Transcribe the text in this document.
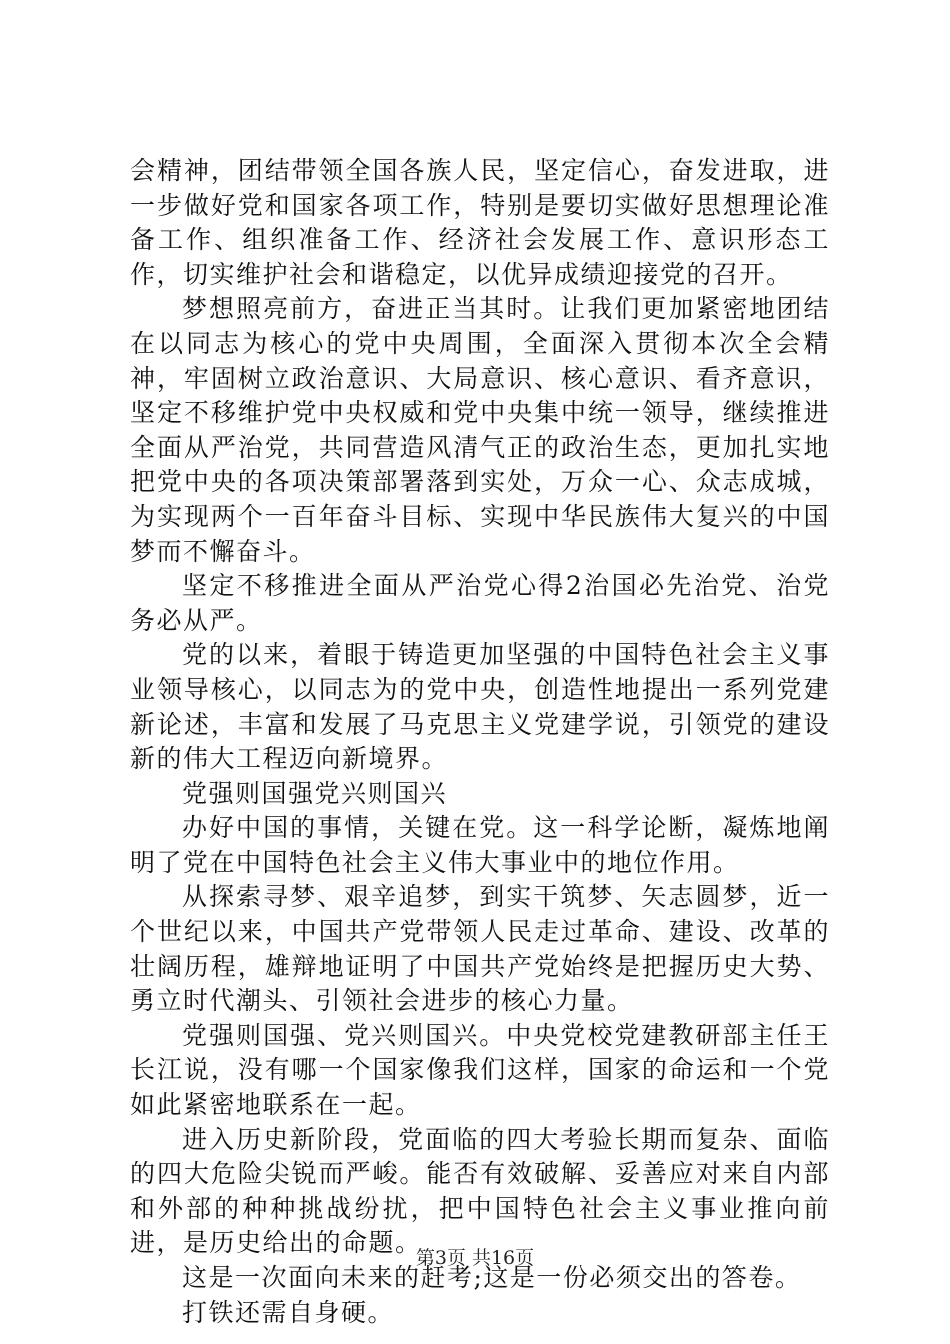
会精神，团结带领全国各族人民，坚定信心，奋发进取，进一步做好党和国家各项工作，特别是要切实做好思想理论准备工作、组织准备工作、经济社会发展工作、意识形态工作，切实维护社会和谐稳定，以优异成绩迎接党的召开。

梦想照亮前方，奋进正当其时。让我们更加紧密地团结在以同志为核心的党中央周围，全面深入贯彻本次全会精神，牢固树立政治意识、大局意识、核心意识、看齐意识，坚定不移维护党中央权威和党中央集中统一领导，继续推进全面从严治党，共同营造风清气正的政治生态，更加扎实地把党中央的各项决策部署落到实处，万众一心、众志成城，为实现两个一百年奋斗目标、实现中华民族伟大复兴的中国梦而不懈奋斗。

坚定不移推进全面从严治党心得2治国必先治党、治党务必从严。

党的以来，着眼于铸造更加坚强的中国特色社会主义事业领导核心，以同志为的党中央，创造性地提出一系列党建新论述，丰富和发展了马克思主义党建学说，引领党的建设新的伟大工程迈向新境界。

党强则国强党兴则国兴

办好中国的事情，关键在党。这一科学论断，凝炼地阐明了党在中国特色社会主义伟大事业中的地位作用。

从探索寻梦、艰辛追梦，到实干筑梦、矢志圆梦，近一个世纪以来，中国共产党带领人民走过革命、建设、改革的壮阔历程，雄辩地证明了中国共产党始终是把握历史大势、勇立时代潮头、引领社会进步的核心力量。

党强则国强、党兴则国兴。中央党校党建教研部主任王长江说，没有哪一个国家像我们这样，国家的命运和一个党如此紧密地联系在一起。

进入历史新阶段，党面临的四大考验长期而复杂、面临的四大危险尖锐而严峻。能否有效破解、妥善应对来自内部和外部的种种挑战纷扰，把中国特色社会主义事业推向前进，是历史给出的命题。

这是一次面向未来的赶考;这是一份必须交出的答卷。

打铁还需自身硬。

第3页 共16页
